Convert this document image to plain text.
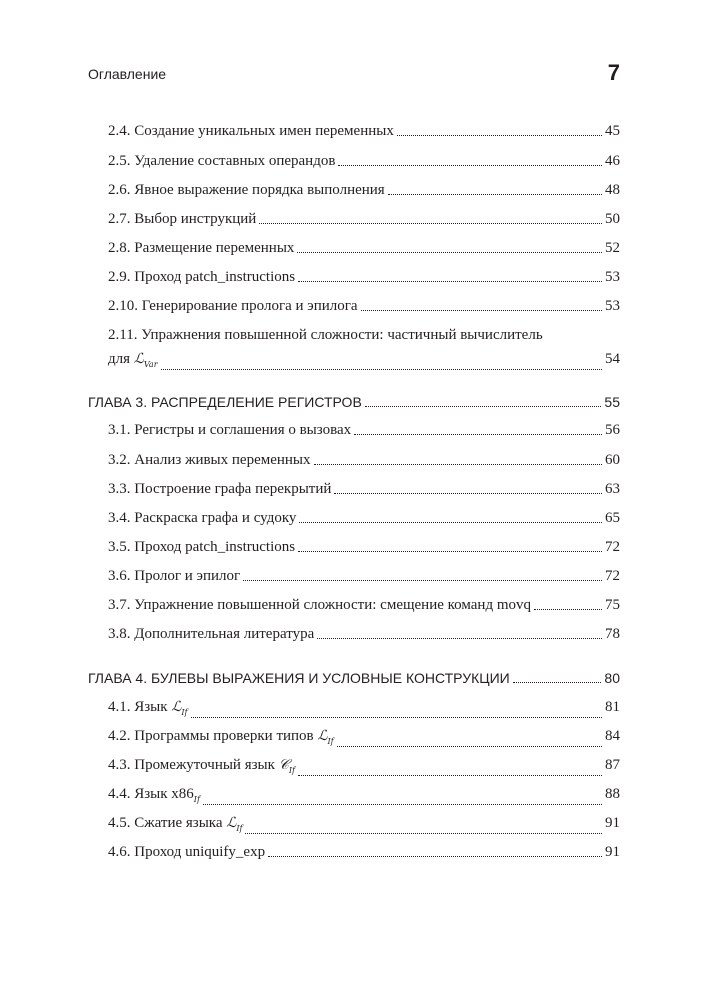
Оглавление	7
2.4. Создание уникальных имен переменных	45
2.5. Удаление составных операндов	46
2.6. Явное выражение порядка выполнения	48
2.7. Выбор инструкций	50
2.8. Размещение переменных	52
2.9. Проход patch_instructions	53
2.10. Генерирование пролога и эпилога	53
2.11. Упражнения повышенной сложности: частичный вычислитель
для ℒ$_{Var}$	54
ГЛАВА 3. РАСПРЕДЕЛЕНИЕ РЕГИСТРОВ	55
3.1. Регистры и соглашения о вызовах	56
3.2. Анализ живых переменных	60
3.3. Построение графа перекрытий	63
3.4. Раскраска графа и судоку	65
3.5. Проход patch_instructions	72
3.6. Пролог и эпилог	72
3.7. Упражнение повышенной сложности: смещение команд movq	75
3.8. Дополнительная литература	78
ГЛАВА 4. БУЛЕВЫ ВЫРАЖЕНИЯ И УСЛОВНЫЕ КОНСТРУКЦИИ	80
4.1. Язык ℒ$_{If}$	81
4.2. Программы проверки типов ℒ$_{If}$	84
4.3. Промежуточный язык 𝒞$_{If}$	87
4.4. Язык $x86_{If}$	88
4.5. Сжатие языка ℒ$_{If}$	91
4.6. Проход uniquify_exp	91
